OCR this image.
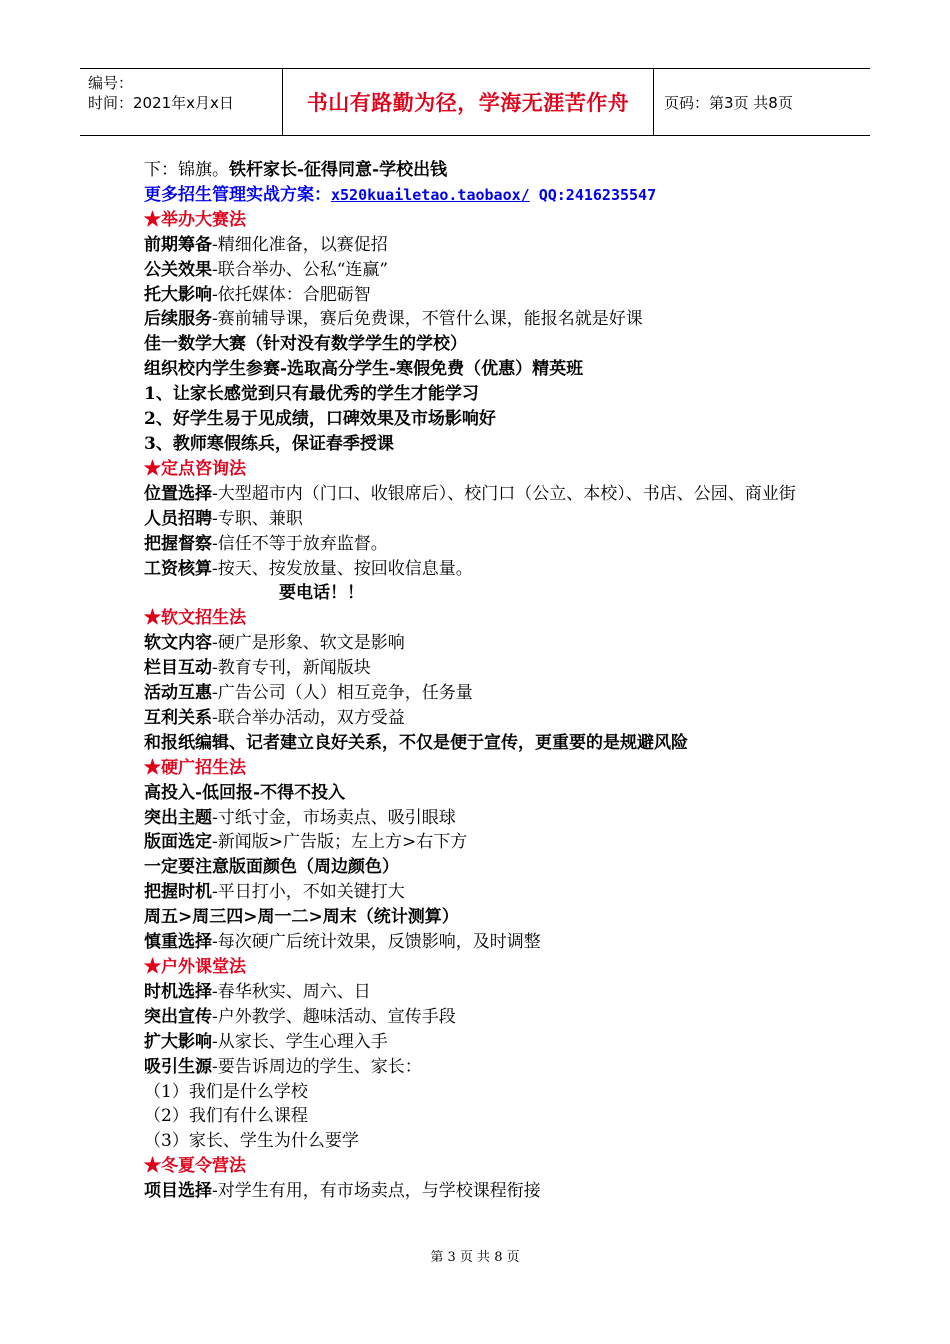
编号：
时间：2021年x月x日	书山有路勤为径，学海无涯苦作舟 页码：第3页 共8页
下：锦旗。铁杆家长-征得同意-学校出钱
更多招生管理实战方案：x520kuailetao.taobaox/ QQ:2416235547
★举办大赛法
前期筹备-精细化准备，以赛促招
公关效果-联合举办、公私“连赢”
托大影响-依托媒体：合肥砺智
后续服务-赛前辅导课，赛后免费课，不管什么课，能报名就是好课
佳一数学大赛（针对没有数学学生的学校）
组织校内学生参赛-选取高分学生-寒假免费（优惠）精英班
1、让家长感觉到只有最优秀的学生才能学习
2、好学生易于见成绩，口碑效果及市场影响好
3、教师寒假练兵，保证春季授课
★定点咨询法
位置选择-大型超市内（门口、收银席后）、校门口（公立、本校）、书店、公园、商业街
人员招聘-专职、兼职
把握督察-信任不等于放弃监督。
工资核算-按天、按发放量、按回收信息量。
要电话！！
★软文招生法
软文内容-硬广是形象、软文是影响
栏目互动-教育专刊，新闻版块
活动互惠-广告公司（人）相互竞争，任务量
互利关系-联合举办活动，双方受益
和报纸编辑、记者建立良好关系，不仅是便于宣传，更重要的是规避风险
★硬广招生法
高投入-低回报-不得不投入
突出主题-寸纸寸金，市场卖点、吸引眼球
版面选定-新闻版>广告版；左上方>右下方
一定要注意版面颜色（周边颜色）
把握时机-平日打小，不如关键打大
周五>周三四>周一二>周末（统计测算）
慎重选择-每次硬广后统计效果，反馈影响，及时调整
★户外课堂法
时机选择-春华秋实、周六、日
突出宣传-户外教学、趣味活动、宣传手段
扩大影响-从家长、学生心理入手
吸引生源-要告诉周边的学生、家长：
（1）我们是什么学校
（2）我们有什么课程
（3）家长、学生为什么要学
★冬夏令营法
项目选择-对学生有用，有市场卖点，与学校课程衔接
第 3 页 共 8 页
